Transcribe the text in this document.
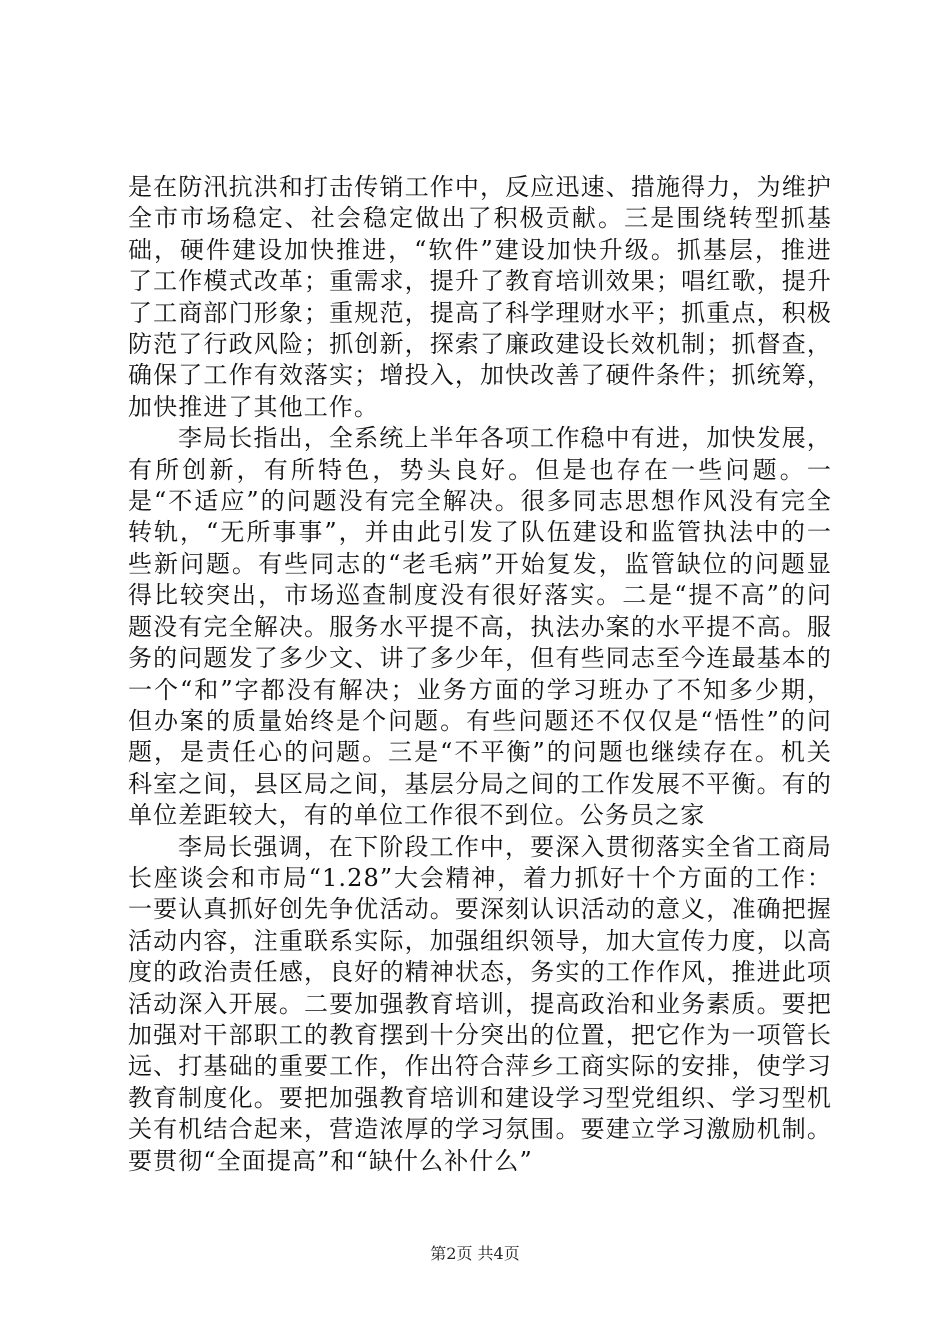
是在防汛抗洪和打击传销工作中，反应迅速、措施得力，为维护全市市场稳定、社会稳定做出了积极贡献。三是围绕转型抓基础，硬件建设加快推进，“软件”建设加快升级。抓基层，推进了工作模式改革；重需求，提升了教育培训效果；唱红歌，提升了工商部门形象；重规范，提高了科学理财水平；抓重点，积极防范了行政风险；抓创新，探索了廉政建设长效机制；抓督查，确保了工作有效落实；增投入，加快改善了硬件条件；抓统筹，加快推进了其他工作。

李局长指出，全系统上半年各项工作稳中有进，加快发展，有所创新，有所特色，势头良好。但是也存在一些问题。一是“不适应”的问题没有完全解决。很多同志思想作风没有完全转轨，“无所事事”，并由此引发了队伍建设和监管执法中的一些新问题。有些同志的“老毛病”开始复发，监管缺位的问题显得比较突出，市场巡查制度没有很好落实。二是“提不高”的问题没有完全解决。服务水平提不高，执法办案的水平提不高。服务的问题发了多少文、讲了多少年，但有些同志至今连最基本的一个“和”字都没有解决；业务方面的学习班办了不知多少期，但办案的质量始终是个问题。有些问题还不仅仅是“悟性”的问题，是责任心的问题。三是“不平衡”的问题也继续存在。机关科室之间，县区局之间，基层分局之间的工作发展不平衡。有的单位差距较大，有的单位工作很不到位。公务员之家

李局长强调，在下阶段工作中，要深入贯彻落实全省工商局长座谈会和市局“1.28”大会精神，着力抓好十个方面的工作：一要认真抓好创先争优活动。要深刻认识活动的意义，准确把握活动内容，注重联系实际，加强组织领导，加大宣传力度，以高度的政治责任感，良好的精神状态，务实的工作作风，推进此项活动深入开展。二要加强教育培训，提高政治和业务素质。要把加强对干部职工的教育摆到十分突出的位置，把它作为一项管长远、打基础的重要工作，作出符合萍乡工商实际的安排，使学习教育制度化。要把加强教育培训和建设学习型党组织、学习型机关有机结合起来，营造浓厚的学习氛围。要建立学习激励机制。要贯彻“全面提高”和“缺什么补什么”

第2页 共4页
